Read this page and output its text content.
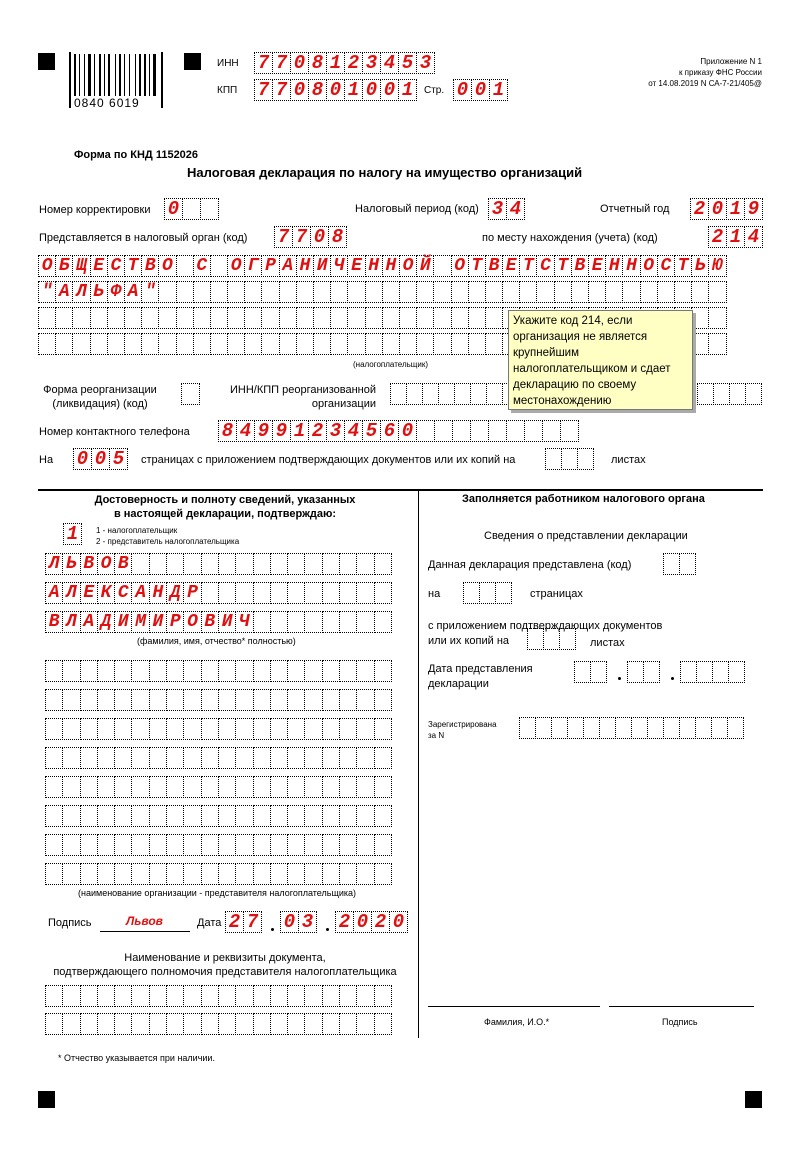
0840 6019
ИНН 7 7 0 8 1 2 3 4 5 3
КПП 7 7 0 8 0 1 0 0 1	Стр. 0 0 1
Приложение N 1
к приказу ФНС России
от 14.08.2019 N СА-7-21/405@
Форма по КНД 1152026
Налоговая декларация по налогу на имущество организаций
Номер корректировки 0	Налоговый период (код) 3 4	Отчетный год 2 0 1 9
Представляется в налоговый орган (код) 7 7 0 8	по месту нахождения (учета) (код)	2 1 4
О Б Щ Е С Т В О С О Г Р А Н И Ч Е Н Н О Й О Т В Е Т С Т В Е Н Н О С Т Ь Ю
" А Л Ь Ф А "
(налогоплательщик)
Форма реорганизации
(ликвидация) (код)
ИНН/КПП реорганизованной
организации
Номер контактного телефона 8 4 9 9 1 2 3 4 5 6 0
На 0 0 5	страницах с приложением подтверждающих документов или их копий на	листах
Укажите код 214, если организация не является крупнейшим налогоплательщиком и сдает декларацию по своему местонахождению
Достоверность и полноту сведений, указанных
в настоящей декларации, подтверждаю:
1	1 - налогоплательщик
2 - представитель налогоплательщика
Л Ь В О В
А Л Е К С А Н Д Р
В Л А Д И М И Р О В И Ч
(фамилия, имя, отчество* полностью)
(наименование организации - представителя налогоплательщика)
Подпись	Львов	Дата 2 7 0 3 2 0 2 0
Наименование и реквизиты документа,
подтверждающего полномочия представителя налогоплательщика
* Отчество указывается при наличии.
Заполняется работником налогового органа
Сведения о представлении декларации
Данная декларация представлена (код)
на	страницах
с приложением подтверждающих документов
или их копий на	листах
Дата представления
декларации
Зарегистрирована
за N
Фамилия, И.О.*	Подпись
